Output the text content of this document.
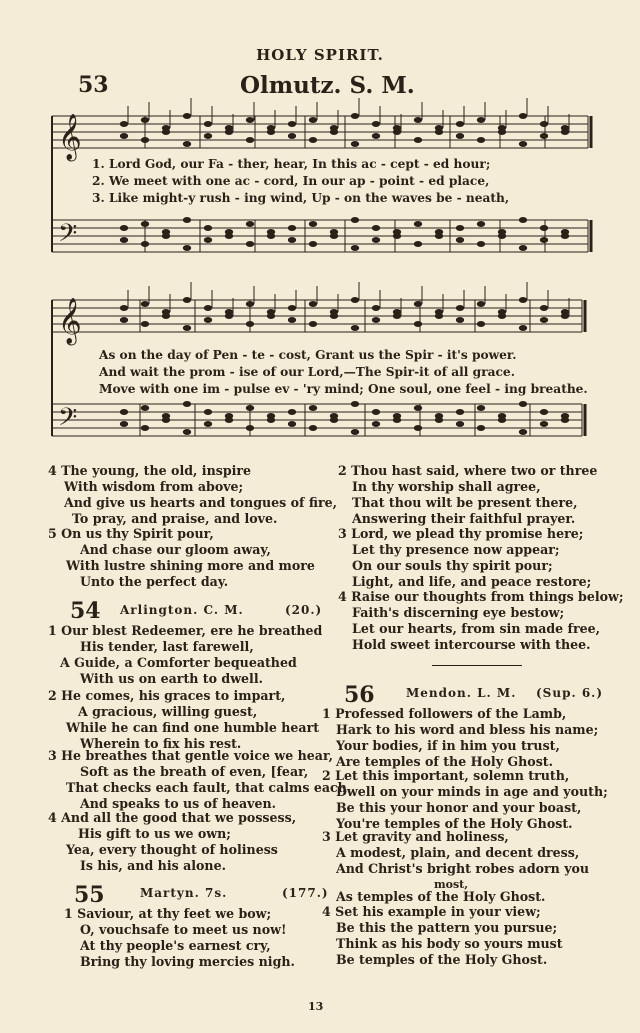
HOLY SPIRIT.
53	Olmutz. S. M.
𝄞
𝄢
𝄞
𝄢
1. Lord God, our Fa - ther, hear, In this ac - cept - ed hour;
2. We meet with one ac - cord, In our ap - point - ed place,
3. Like might-y rush - ing wind, Up - on the waves be - neath,
As on the day of Pen - te - cost, Grant us the Spir - it's power.
And wait the prom - ise of our Lord,—The Spir-it of all grace.
Move with one im - pulse ev - 'ry mind; One soul, one feel - ing breathe.
4 The young, the old, inspire
With wisdom from above;
And give us hearts and tongues of fire,
To pray, and praise, and love.
5 On us thy Spirit pour,
And chase our gloom away,
With lustre shining more and more
Unto the perfect day.
54 Arlington. C. M.	(20.)
1 Our blest Redeemer, ere he breathed
His tender, last farewell,
A Guide, a Comforter bequeathed
With us on earth to dwell.
2 He comes, his graces to impart,
A gracious, willing guest,
While he can find one humble heart
Wherein to fix his rest.
3 He breathes that gentle voice we hear,
Soft as the breath of even, [fear,
That checks each fault, that calms each
And speaks to us of heaven.
4 And all the good that we possess,
His gift to us we own;
Yea, every thought of holiness
Is his, and his alone.
55	Martyn. 7s.	(177.)
1 Saviour, at thy feet we bow;
O, vouchsafe to meet us now!
At thy people's earnest cry,
Bring thy loving mercies nigh.
2 Thou hast said, where two or three
In thy worship shall agree,
That thou wilt be present there,
Answering their faithful prayer.
3 Lord, we plead thy promise here;
Let thy presence now appear;
On our souls thy spirit pour;
Light, and life, and peace restore;
4 Raise our thoughts from things below;
Faith's discerning eye bestow;
Let our hearts, from sin made free,
Hold sweet intercourse with thee.
56	Mendon. L. M. (Sup. 6.)
1 Professed followers of the Lamb,
Hark to his word and bless his name;
Your bodies, if in him you trust,
Are temples of the Holy Ghost.
2 Let this important, solemn truth,
Dwell on your minds in age and youth;
Be this your honor and your boast,
You're temples of the Holy Ghost.
3 Let gravity and holiness,
A modest, plain, and decent dress,
And Christ's bright robes adorn you
most,
As temples of the Holy Ghost.
4 Set his example in your view;
Be this the pattern you pursue;
Think as his body so yours must
Be temples of the Holy Ghost.
13
